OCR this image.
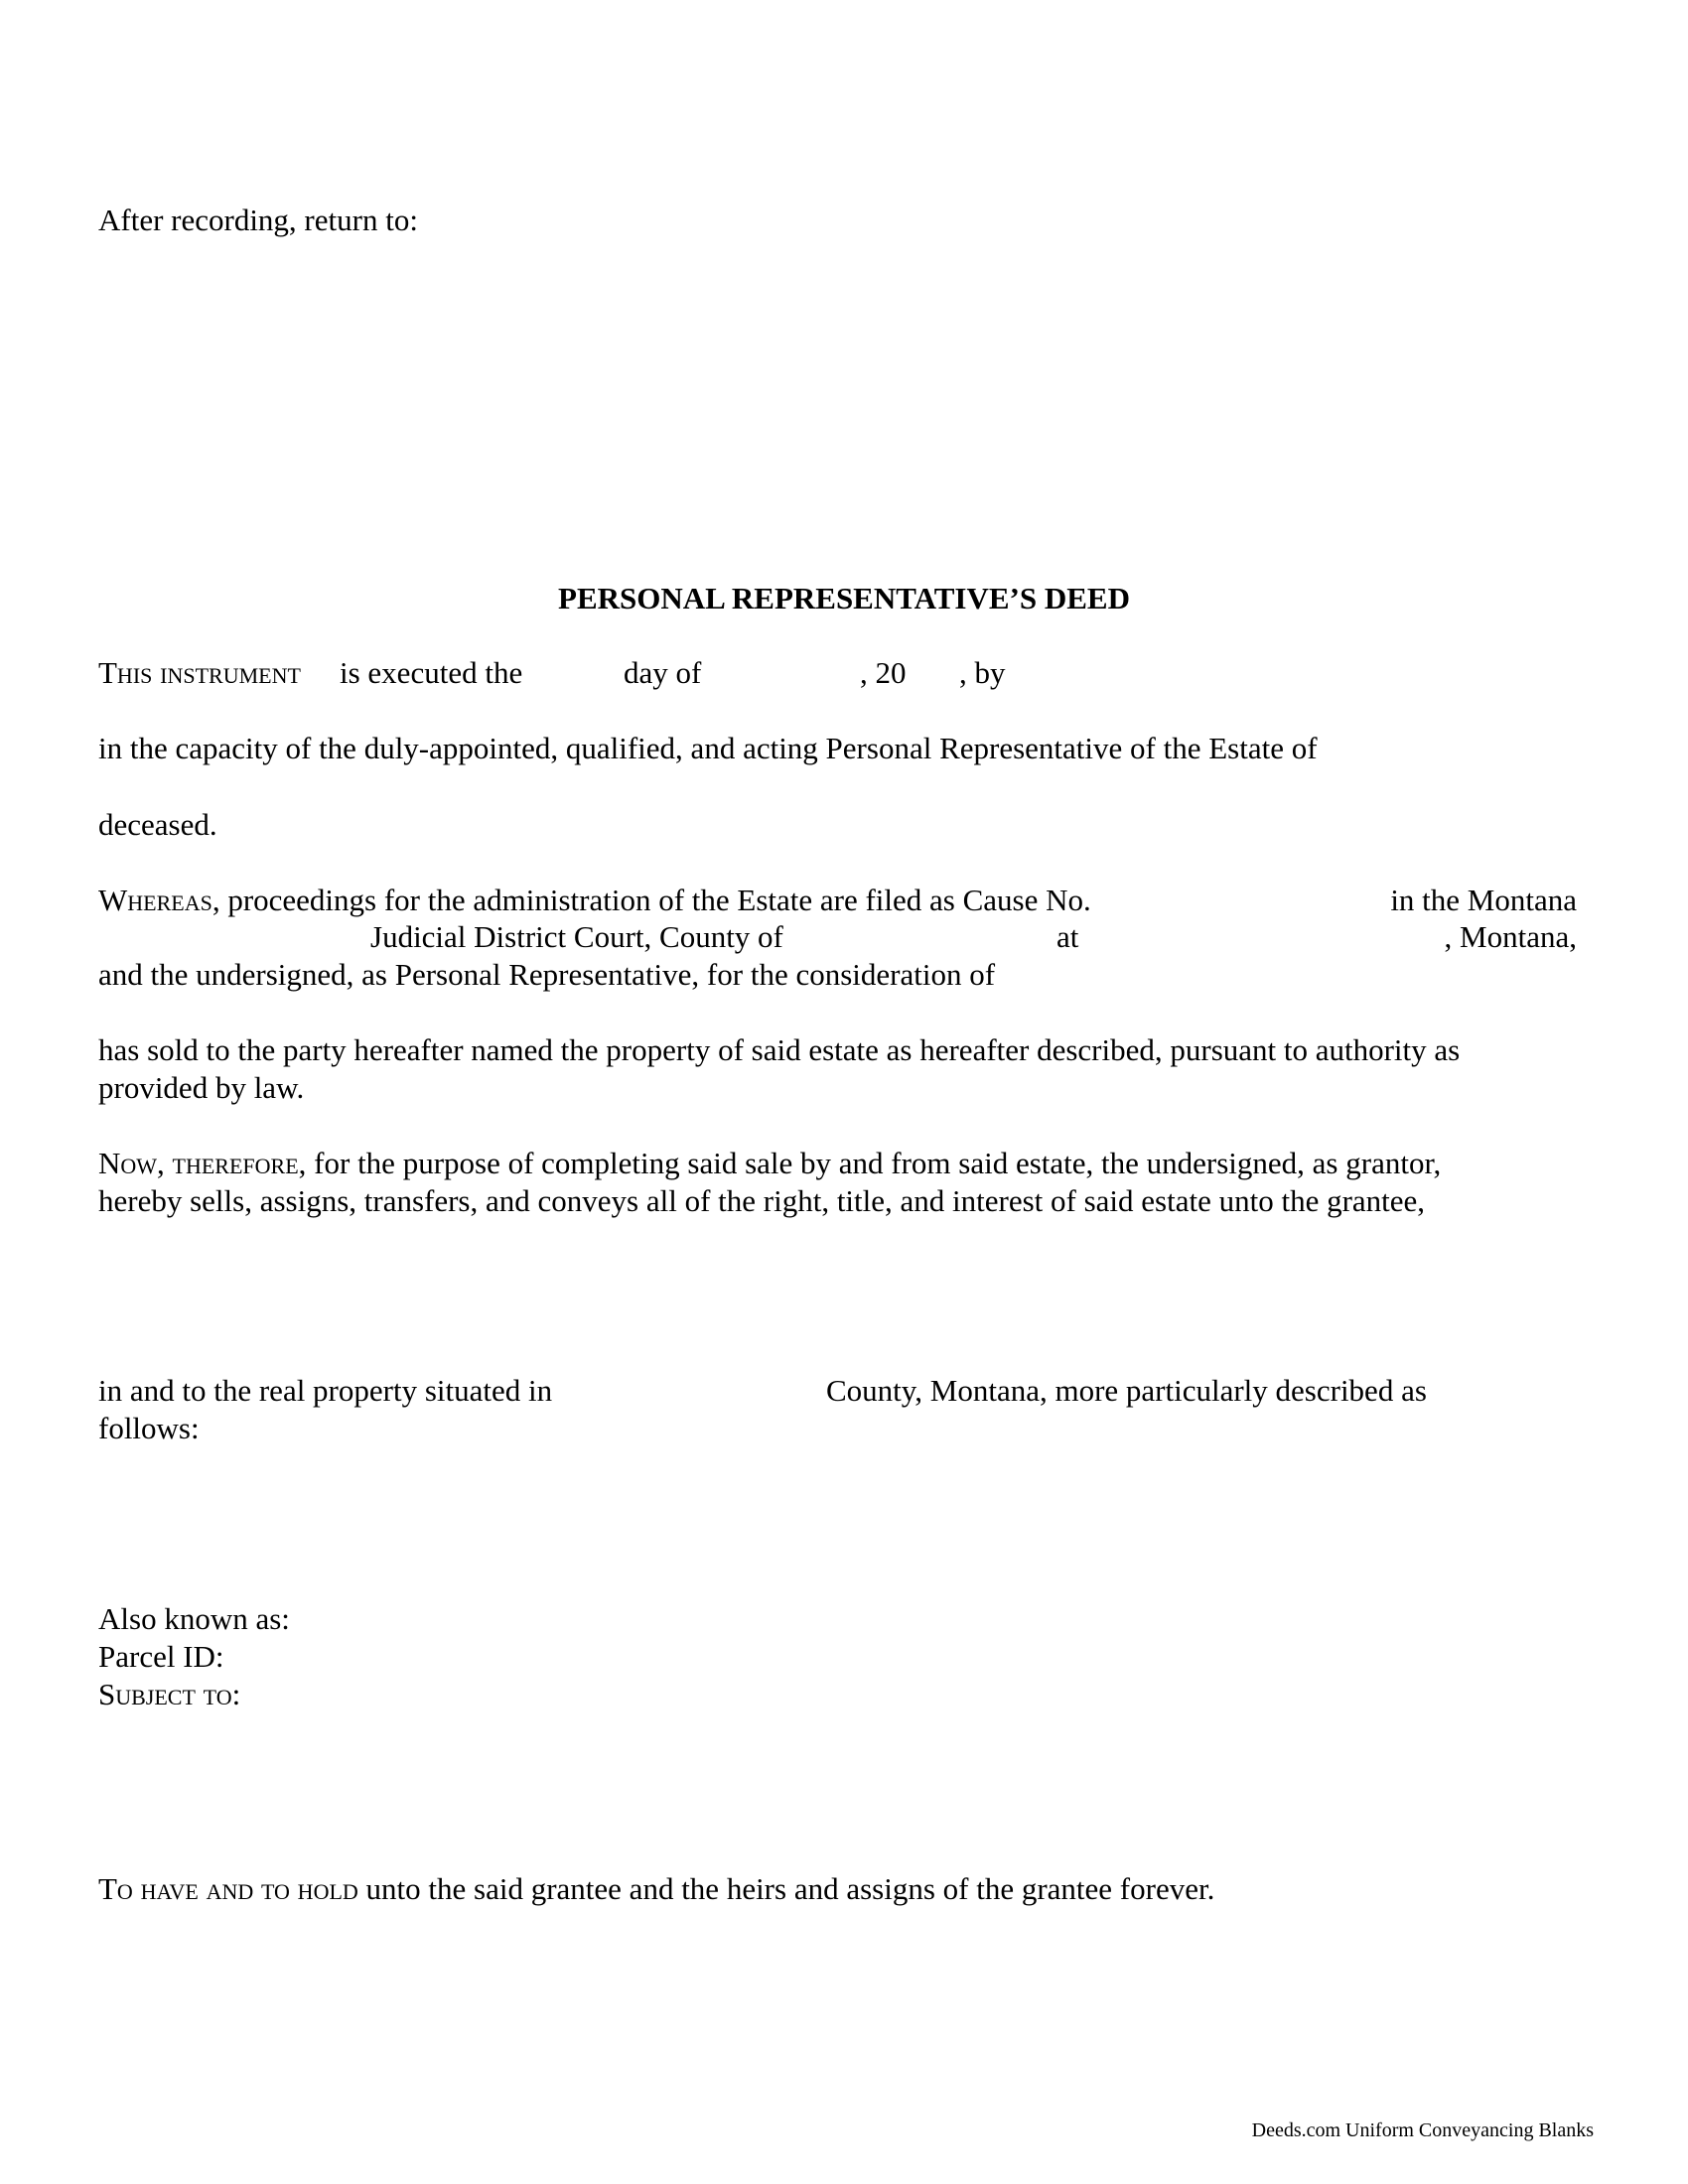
After recording, return to:
PERSONAL REPRESENTATIVE’S DEED
This instrument is executed the	day of	, 20 , by
in the capacity of the duly-appointed, qualified, and acting Personal Representative of the Estate of
deceased.
Whereas, proceedings for the administration of the Estate are filed as Cause No.	in the Montana
Judicial District Court, County of	at	, Montana,
and the undersigned, as Personal Representative, for the consideration of
has sold to the party hereafter named the property of said estate as hereafter described, pursuant to authority as
provided by law.
Now, therefore, for the purpose of completing said sale by and from said estate, the undersigned, as grantor,
hereby sells, assigns, transfers, and conveys all of the right, title, and interest of said estate unto the grantee,
in and to the real property situated in	County, Montana, more particularly described as
follows:
Also known as:
Parcel ID:
Subject to:
To have and to hold unto the said grantee and the heirs and assigns of the grantee forever.
Deeds.com Uniform Conveyancing Blanks
